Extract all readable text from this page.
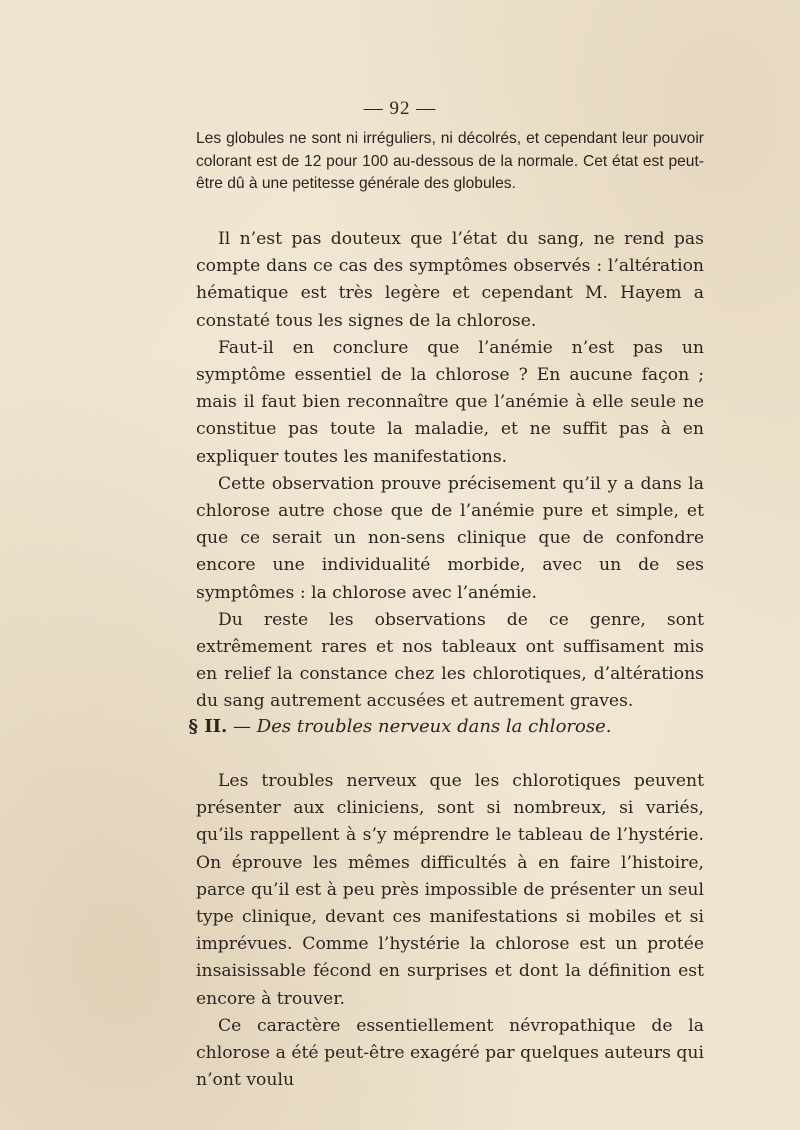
— 92 —

Les globules ne sont ni irréguliers, ni décolrés, et cependant leur pouvoir colorant est de 12 pour 100 au-dessous de la normale. Cet état est peut-être dû à une petitesse générale des globules.

Il n’est pas douteux que l’état du sang, ne rend pas compte dans ce cas des symptômes observés : l’altération hématique est très legère et cependant M. Hayem a constaté tous les signes de la chlorose.

Faut-il en conclure que l’anémie n’est pas un symptôme essentiel de la chlorose ? En aucune façon ; mais il faut bien reconnaître que l’anémie à elle seule ne constitue pas toute la maladie, et ne suffit pas à en expliquer toutes les manifestations.

Cette observation prouve précisement qu’il y a dans la chlorose autre chose que de l’anémie pure et simple, et que ce serait un non-sens clinique que de confondre encore une individualité morbide, avec un de ses symptômes : la chlorose avec l’anémie.

Du reste les observations de ce genre, sont extrêmement rares et nos tableaux ont suffisament mis en relief la constance chez les chlorotiques, d’altérations du sang autrement accusées et autrement graves.

§ II. — Des troubles nerveux dans la chlorose.

Les troubles nerveux que les chlorotiques peuvent présenter aux cliniciens, sont si nombreux, si variés, qu’ils rappellent à s’y méprendre le tableau de l’hystérie. On éprouve les mêmes difficultés à en faire l’histoire, parce qu’il est à peu près impossible de présenter un seul type clinique, devant ces manifestations si mobiles et si imprévues. Comme l’hystérie la chlorose est un protée insaisissable fécond en surprises et dont la définition est encore à trouver.

Ce caractère essentiellement névropathique de la chlorose a été peut-être exagéré par quelques auteurs qui n’ont voulu
